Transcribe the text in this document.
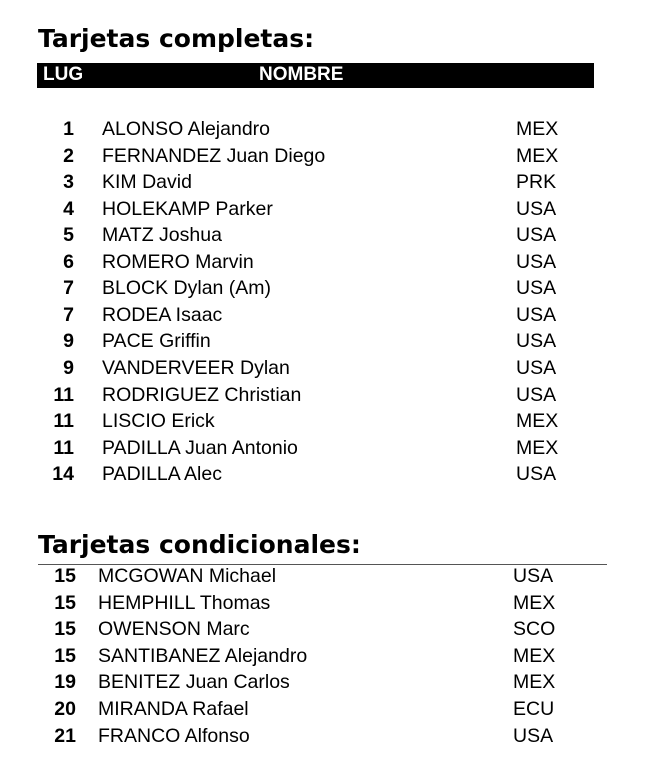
Tarjetas completas:
LUG	NOMBRE
1 ALONSO Alejandro	MEX
2 FERNANDEZ Juan Diego	MEX
3 KIM David	PRK
4 HOLEKAMP Parker	USA
5 MATZ Joshua	USA
6 ROMERO Marvin	USA
7 BLOCK Dylan (Am)	USA
7 RODEA Isaac	USA
9 PACE Griffin	USA
9 VANDERVEER Dylan	USA
11 RODRIGUEZ Christian	USA
11 LISCIO Erick	MEX
11 PADILLA Juan Antonio	MEX
14 PADILLA Alec	USA
Tarjetas condicionales:
15 MCGOWAN Michael	USA
15 HEMPHILL Thomas	MEX
15 OWENSON Marc	SCO
15 SANTIBANEZ Alejandro	MEX
19 BENITEZ Juan Carlos	MEX
20 MIRANDA Rafael	ECU
21 FRANCO Alfonso	USA
